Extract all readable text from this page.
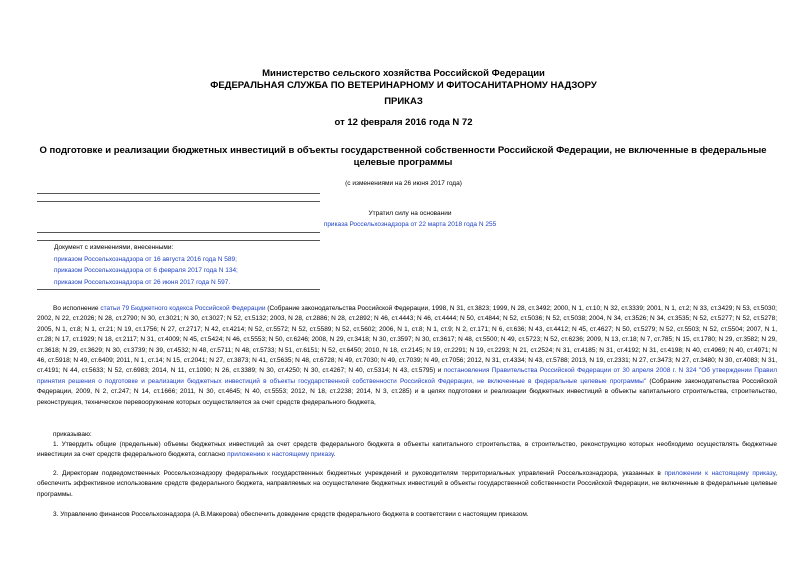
Министерство сельского хозяйства Российской Федерации
ФЕДЕРАЛЬНАЯ СЛУЖБА ПО ВЕТЕРИНАРНОМУ И ФИТОСАНИТАРНОМУ НАДЗОРУ
ПРИКАЗ
от 12 февраля 2016 года N 72
О подготовке и реализации бюджетных инвестиций в объекты государственной собственности Российской Федерации, не включенные в федеральные целевые программы
(с изменениями на 26 июня 2017 года)
Утратил силу на основании
приказа Россельхознадзора от 22 марта 2018 года N 255
Документ с изменениями, внесенными:
приказом Россельхознадзора от 16 августа 2016 года N 589;
приказом Россельхознадзора от 6 февраля 2017 года N 134;
приказом Россельхознадзора от 26 июня 2017 года N 597.
Во исполнение статьи 79 Бюджетного кодекса Российской Федерации (Собрание законодательства Российской Федерации, 1998, N 31, ст.3823; 1999, N 28, ст.3492; 2000, N 1, ст.10; N 32, ст.3339; 2001, N 1, ст.2; N 33, ст.3429; N 53, ст.5030; 2002, N 22, ст.2026; N 28, ст.2790; N 30, ст.3021; N 30, ст.3027; N 52, ст.5132; 2003, N 28, ст.2886; N 28, ст.2892; N 46, ст.4443; N 46, ст.4444; N 50, ст.4844; N 52, ст.5036; N 52, ст.5038; 2004, N 34, ст.3526; N 34, ст.3535; N 52, ст.5277; N 52, ст.5278; 2005, N 1, ст.8; N 1, ст.21; N 19, ст.1756; N 27, ст.2717; N 42, ст.4214; N 52, ст.5572; N 52, ст.5589; N 52, ст.5602; 2006, N 1, ст.8; N 1, ст.9; N 2, ст.171; N 6, ст.636; N 43, ст.4412; N 45, ст.4627; N 50, ст.5279; N 52, ст.5503; N 52, ст.5504; 2007, N 1, ст.28; N 17, ст.1929; N 18, ст.2117; N 31, ст.4009; N 45, ст.5424; N 46, ст.5553; N 50, ст.6246; 2008, N 29, ст.3418; N 30, ст.3597; N 30, ст.3617; N 48, ст.5500; N 49, ст.5723; N 52, ст.6236; 2009, N 13, ст.18; N 7, ст.785; N 15, ст.1780; N 29, ст.3582; N 29, ст.3618; N 29, ст.3629; N 30, ст.3739; N 39, ст.4532; N 48, ст.5711; N 48, ст.5733; N 51, ст.6151; N 52, ст.6450; 2010, N 18, ст.2145; N 19, ст.2291; N 19, ст.2293; N 21, ст.2524; N 31, ст.4185; N 31, ст.4192; N 31, ст.4198; N 40, ст.4969; N 40, ст.4971; N 46, ст.5918; N 49, ст.6409; 2011, N 1, ст.14; N 15, ст.2041; N 27, ст.3873; N 41, ст.5635; N 48, ст.6728; N 49, ст.7030; N 49, ст.7039; N 49, ст.7056; 2012, N 31, ст.4334; N 43, ст.5788; 2013, N 19, ст.2331; N 27, ст.3473; N 27, ст.3480; N 30, ст.4083; N 31, ст.4191; N 44, ст.5633; N 52, ст.6983; 2014, N 11, ст.1090; N 26, ст.3389; N 30, ст.4250; N 30, ст.4267; N 40, ст.5314; N 43, ст.5795) и постановления Правительства Российской Федерации от 30 апреля 2008 г. N 324 "Об утверждении Правил принятия решения о подготовке и реализации бюджетных инвестиций в объекты государственной собственности Российской Федерации, не включенные в федеральные целевые программы" (Собрание законодательства Российской Федерации, 2009, N 2, ст.247; N 14, ст.1666; 2011, N 30, ст.4645; N 40, ст.5553; 2012, N 18, ст.2238; 2014, N 3, ст.285) и в целях подготовки и реализации бюджетных инвестиций в объекты капитального строительства, строительство, реконструкция, техническое перевооружение которых осуществляется за счет средств федерального бюджета,
приказываю:
1. Утвердить общие (предельные) объемы бюджетных инвестиций за счет средств федерального бюджета в объекты капитального строительства, в строительство, реконструкцию которых необходимо осуществлять бюджетные инвестиции за счет средств федерального бюджета, согласно приложению к настоящему приказу.
2. Директорам подведомственных Россельхознадзору федеральных государственных бюджетных учреждений и руководителям территориальных управлений Россельхознадзора, указанных в приложении к настоящему приказу, обеспечить эффективное использование средств федерального бюджета, направляемых на осуществление бюджетных инвестиций в объекты государственной собственности Российской Федерации, не включенные в федеральные целевые программы.
3. Управлению финансов Россельхознадзора (А.В.Макерова) обеспечить доведение средств федерального бюджета в соответствии с настоящим приказом.
